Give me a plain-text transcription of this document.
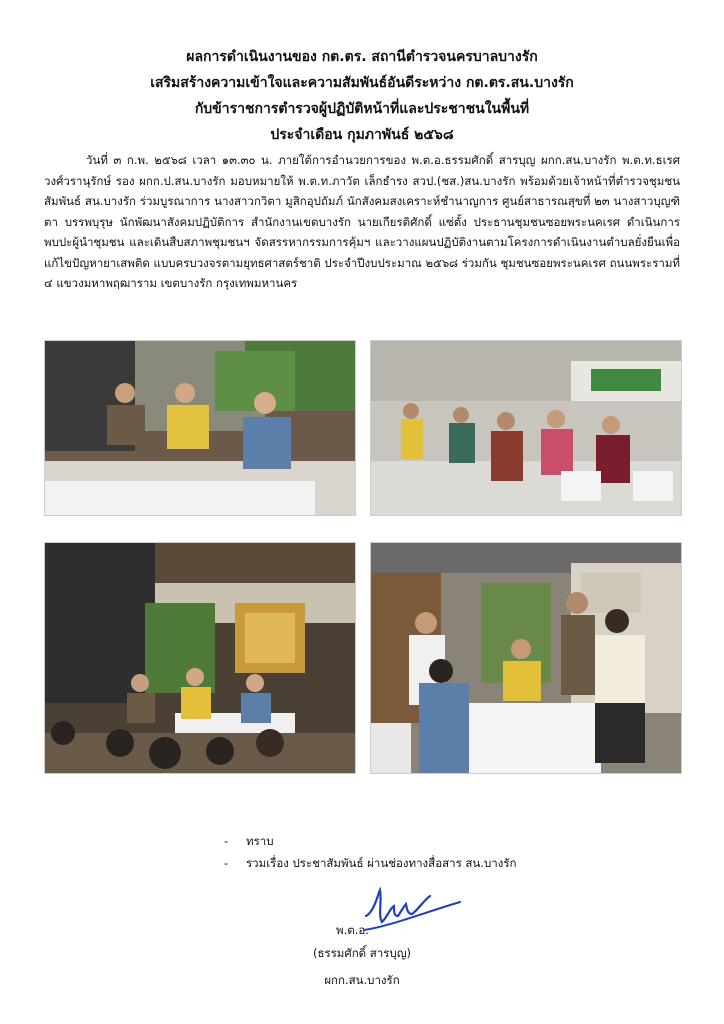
ผลการดำเนินงานของ กต.ตร. สถานีตำรวจนครบาลบางรัก
เสริมสร้างความเข้าใจและความสัมพันธ์อันดีระหว่าง กต.ตร.สน.บางรัก
กับข้าราชการตำรวจผู้ปฏิบัติหน้าที่และประชาชนในพื้นที่
ประจำเดือน กุมภาพันธ์ ๒๕๖๘
วันที่ ๓ ก.พ. ๒๕๖๘ เวลา ๑๓.๓๐ น. ภายใต้การอำนวยการของ พ.ต.อ.ธรรมศักดิ์ สารบุญ ผกก.สน.บางรัก พ.ต.ท.ธเรศ วงศ์วรานุรักษ์ รอง ผกก.ป.สน.บางรัก มอบหมายให้ พ.ต.ท.ภาวัต เล็กธำรง สวป.(ชส.)สน.บางรัก พร้อมด้วยเจ้าหน้าที่ตำรวจชุมชนสัมพันธ์ สน.บางรัก ร่วมบูรณาการ นางสาวกวิตา มูสิกอุปถัมภ์ นักสังคมสงเคราะห์ชำนาญการ ศูนย์สาธารณสุขที่ ๒๓ นางสาวบุญฑิตา บรรพบุรุษ นักพัฒนาสังคมปฏิบัติการ สำนักงานเขตบางรัก นายเกียรติศักดิ์ แซ่ตั้ง ประธานชุมชนซอยพระนคเรศ ดำเนินการพบปะผู้นำชุมชน และเดินสืบสภาพชุมชนฯ จัดสรรหากรรมการคุ้มฯ และวางแผนปฏิบัติงานตามโครงการดำเนินงานตำบลยั่งยืนเพื่อแก้ไขปัญหายาเสพติด แบบครบวงจรตามยุทธศาสตร์ชาติ ประจำปีงบประมาณ ๒๕๖๘ ร่วมกัน ชุมชนซอยพระนคเรศ ถนนพระรามที่ ๔ แขวงมหาพฤฒาราม เขตบางรัก กรุงเทพมหานคร
- ทราบ
- รวมเรื่อง ประชาสัมพันธ์ ผ่านช่องทางสื่อสาร สน.บางรัก
พ.ต.อ.
(ธรรมศักดิ์ สารบุญ)
ผกก.สน.บางรัก
